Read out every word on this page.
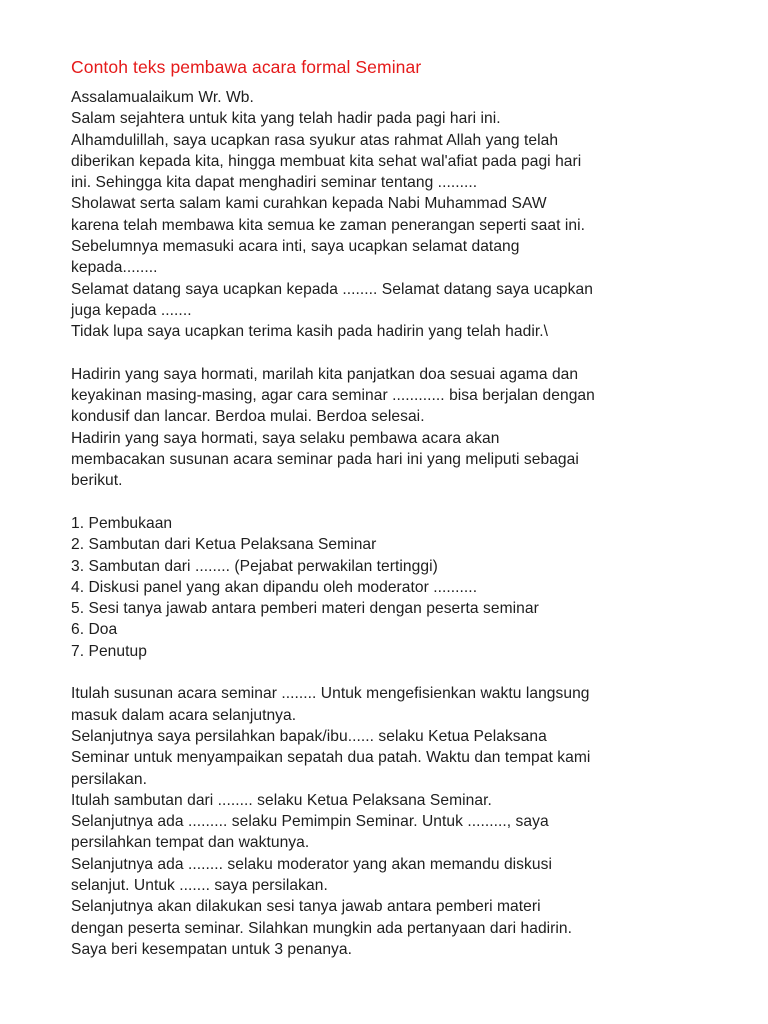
Contoh teks pembawa acara formal Seminar
Assalamualaikum Wr. Wb.
Salam sejahtera untuk kita yang telah hadir pada pagi hari ini.
Alhamdulillah, saya ucapkan rasa syukur atas rahmat Allah yang telah
diberikan kepada kita, hingga membuat kita sehat wal'afiat pada pagi hari
ini. Sehingga kita dapat menghadiri seminar tentang .........
Sholawat serta salam kami curahkan kepada Nabi Muhammad SAW
karena telah membawa kita semua ke zaman penerangan seperti saat ini.
Sebelumnya memasuki acara inti, saya ucapkan selamat datang
kepada........
Selamat datang saya ucapkan kepada ........ Selamat datang saya ucapkan
juga kepada .......
Tidak lupa saya ucapkan terima kasih pada hadirin yang telah hadir.\
Hadirin yang saya hormati, marilah kita panjatkan doa sesuai agama dan
keyakinan masing-masing, agar cara seminar ............ bisa berjalan dengan
kondusif dan lancar. Berdoa mulai. Berdoa selesai.
Hadirin yang saya hormati, saya selaku pembawa acara akan
membacakan susunan acara seminar pada hari ini yang meliputi sebagai
berikut.
1. Pembukaan
2. Sambutan dari Ketua Pelaksana Seminar
3. Sambutan dari ........ (Pejabat perwakilan tertinggi)
4. Diskusi panel yang akan dipandu oleh moderator ..........
5. Sesi tanya jawab antara pemberi materi dengan peserta seminar
6. Doa
7. Penutup
Itulah susunan acara seminar ........ Untuk mengefisienkan waktu langsung
masuk dalam acara selanjutnya.
Selanjutnya saya persilahkan bapak/ibu...... selaku Ketua Pelaksana
Seminar untuk menyampaikan sepatah dua patah. Waktu dan tempat kami
persilakan.
Itulah sambutan dari ........ selaku Ketua Pelaksana Seminar.
Selanjutnya ada ......... selaku Pemimpin Seminar. Untuk ........., saya
persilahkan tempat dan waktunya.
Selanjutnya ada ........ selaku moderator yang akan memandu diskusi
selanjut. Untuk ....... saya persilakan.
Selanjutnya akan dilakukan sesi tanya jawab antara pemberi materi
dengan peserta seminar. Silahkan mungkin ada pertanyaan dari hadirin.
Saya beri kesempatan untuk 3 penanya.
